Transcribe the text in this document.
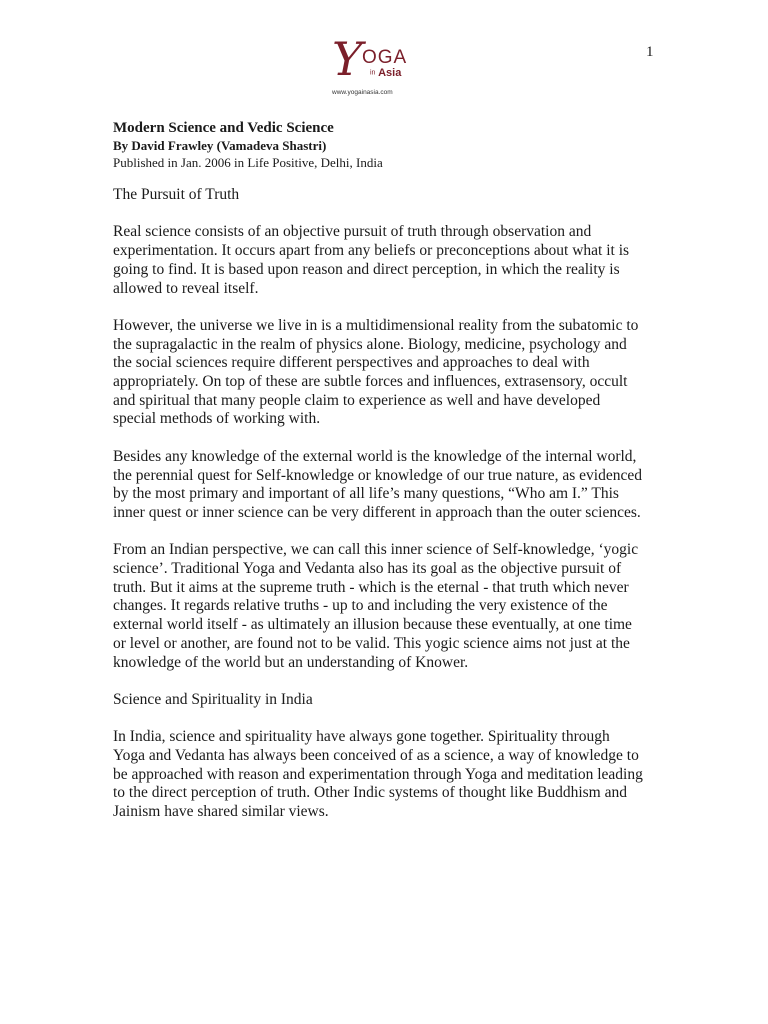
1
Y OGA
in Asia
www.yogainasia.com

Modern Science and Vedic Science

By David Frawley (Vamadeva Shastri)

Published in Jan. 2006 in Life Positive, Delhi, India

The Pursuit of Truth

Real science consists of an objective pursuit of truth through observation and experimentation. It occurs apart from any beliefs or preconceptions about what it is going to find. It is based upon reason and direct perception, in which the reality is allowed to reveal itself.

However, the universe we live in is a multidimensional reality from the subatomic to the supragalactic in the realm of physics alone. Biology, medicine, psychology and the social sciences require different perspectives and approaches to deal with appropriately. On top of these are subtle forces and influences, extrasensory, occult and spiritual that many people claim to experience as well and have developed special methods of working with.

Besides any knowledge of the external world is the knowledge of the internal world, the perennial quest for Self-knowledge or knowledge of our true nature, as evidenced by the most primary and important of all life’s many questions, “Who am I.” This inner quest or inner science can be very different in approach than the outer sciences.

From an Indian perspective, we can call this inner science of Self-knowledge, ‘yogic science’. Traditional Yoga and Vedanta also has its goal as the objective pursuit of truth. But it aims at the supreme truth - which is the eternal - that truth which never changes. It regards relative truths - up to and including the very existence of the external world itself - as ultimately an illusion because these eventually, at one time or level or another, are found not to be valid. This yogic science aims not just at the knowledge of the world but an understanding of Knower.

Science and Spirituality in India

In India, science and spirituality have always gone together. Spirituality through Yoga and Vedanta has always been conceived of as a science, a way of knowledge to be approached with reason and experimentation through Yoga and meditation leading to the direct perception of truth. Other Indic systems of thought like Buddhism and Jainism have shared similar views.
